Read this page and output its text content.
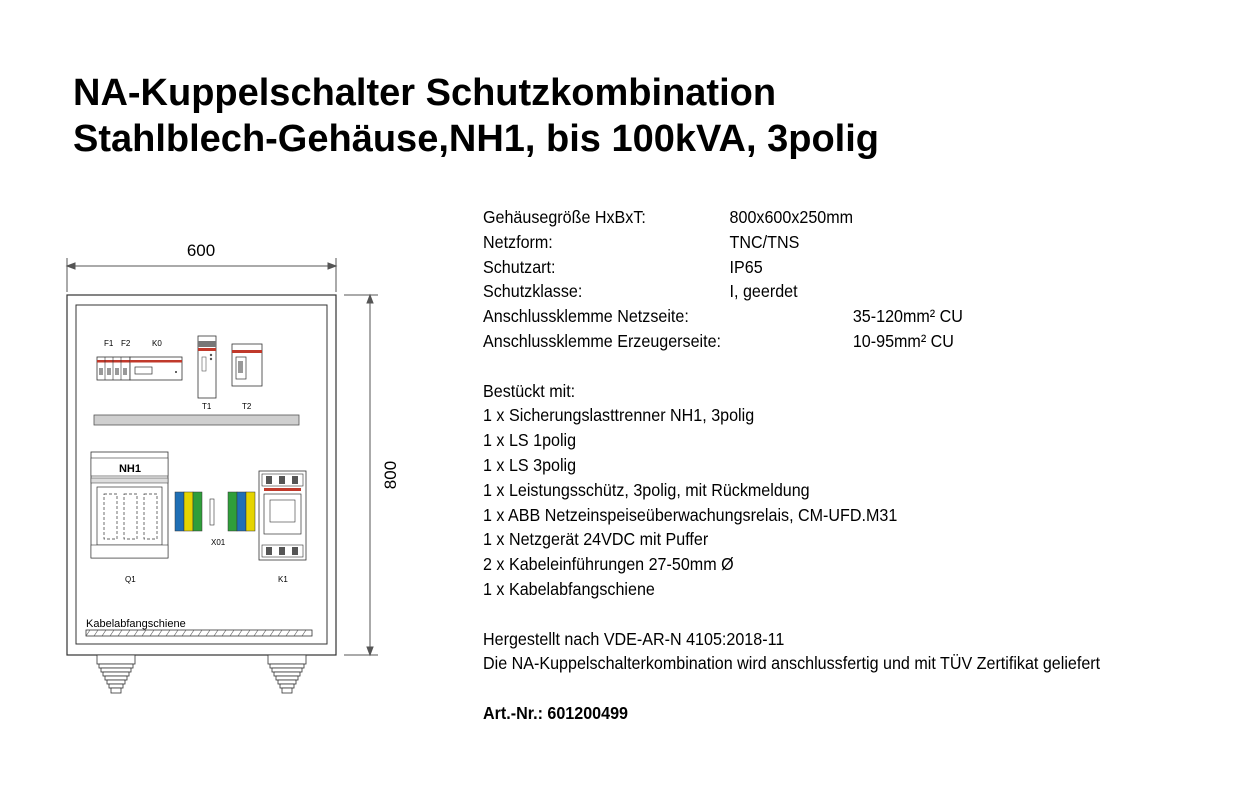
NA-Kuppelschalter Schutzkombination
Stahlblech-Gehäuse,NH1, bis 100kVA, 3polig
600
800
F1 F2	K0
T1	T2
NH1
Q1
X01
K1
Kabelabfangschiene
Gehäusegröße HxBxT:	800x600x250mm
Netzform:	TNC/TNS
Schutzart:	IP65
Schutzklasse:	I, geerdet
Anschlussklemme Netzseite:	35-120mm² CU
Anschlussklemme Erzeugerseite:	10-95mm² CU
Bestückt mit:
1 x Sicherungslasttrenner NH1, 3polig
1 x LS 1polig
1 x LS 3polig
1 x Leistungsschütz, 3polig, mit Rückmeldung
1 x ABB Netzeinspeiseüberwachungsrelais, CM-UFD.M31
1 x Netzgerät 24VDC mit Puffer
2 x Kabeleinführungen 27-50mm Ø
1 x Kabelabfangschiene
Hergestellt nach VDE-AR-N 4105:2018-11
Die NA-Kuppelschalterkombination wird anschlussfertig und mit TÜV Zertifikat geliefert
Art.-Nr.: 601200499
